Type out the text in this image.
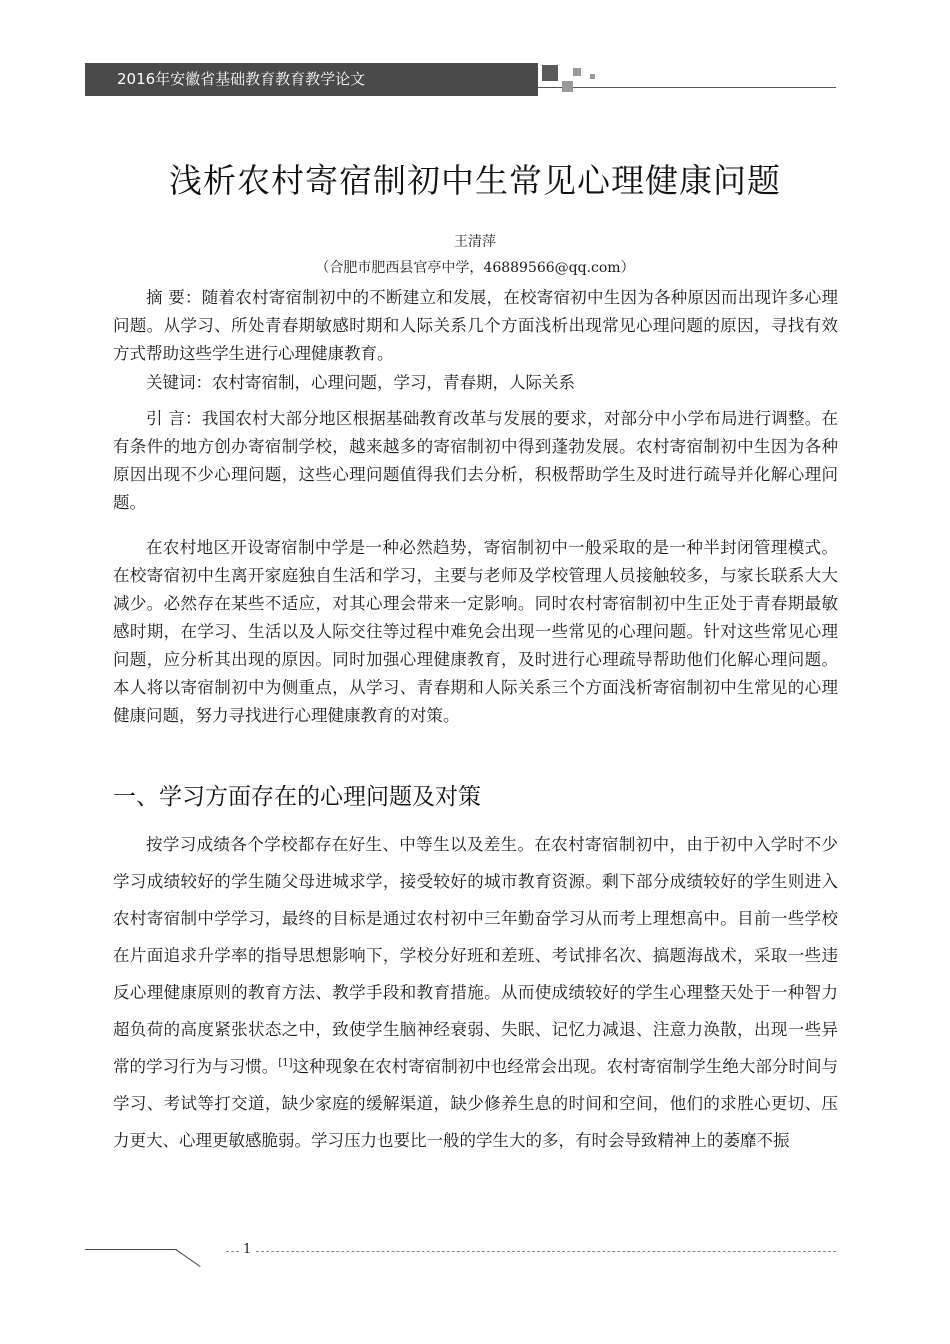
2016年安徽省基础教育教育教学论文
浅析农村寄宿制初中生常见心理健康问题
王清萍
（合肥市肥西县官亭中学，46889566@qq.com）

摘 要：随着农村寄宿制初中的不断建立和发展，在校寄宿初中生因为各种原因而出现许多心理问题。从学习、所处青春期敏感时期和人际关系几个方面浅析出现常见心理问题的原因，寻找有效方式帮助这些学生进行心理健康教育。

关键词：农村寄宿制，心理问题，学习，青春期，人际关系

引 言：我国农村大部分地区根据基础教育改革与发展的要求，对部分中小学布局进行调整。在有条件的地方创办寄宿制学校，越来越多的寄宿制初中得到蓬勃发展。农村寄宿制初中生因为各种原因出现不少心理问题，这些心理问题值得我们去分析，积极帮助学生及时进行疏导并化解心理问题。

在农村地区开设寄宿制中学是一种必然趋势，寄宿制初中一般采取的是一种半封闭管理模式。在校寄宿初中生离开家庭独自生活和学习，主要与老师及学校管理人员接触较多，与家长联系大大减少。必然存在某些不适应，对其心理会带来一定影响。同时农村寄宿制初中生正处于青春期最敏感时期，在学习、生活以及人际交往等过程中难免会出现一些常见的心理问题。针对这些常见心理问题，应分析其出现的原因。同时加强心理健康教育，及时进行心理疏导帮助他们化解心理问题。本人将以寄宿制初中为侧重点，从学习、青春期和人际关系三个方面浅析寄宿制初中生常见的心理健康问题，努力寻找进行心理健康教育的对策。

一、学习方面存在的心理问题及对策

按学习成绩各个学校都存在好生、中等生以及差生。在农村寄宿制初中，由于初中入学时不少学习成绩较好的学生随父母进城求学，接受较好的城市教育资源。剩下部分成绩较好的学生则进入农村寄宿制中学学习，最终的目标是通过农村初中三年勤奋学习从而考上理想高中。目前一些学校在片面追求升学率的指导思想影响下，学校分好班和差班、考试排名次、搞题海战术，采取一些违反心理健康原则的教育方法、教学手段和教育措施。从而使成绩较好的学生心理整天处于一种智力超负荷的高度紧张状态之中，致使学生脑神经衰弱、失眠、记忆力减退、注意力涣散，出现一些异常的学习行为与习惯。[1]这种现象在农村寄宿制初中也经常会出现。农村寄宿制学生绝大部分时间与学习、考试等打交道，缺少家庭的缓解渠道，缺少修养生息的时间和空间，他们的求胜心更切、压力更大、心理更敏感脆弱。学习压力也要比一般的学生大的多，有时会导致精神上的萎靡不振

1
